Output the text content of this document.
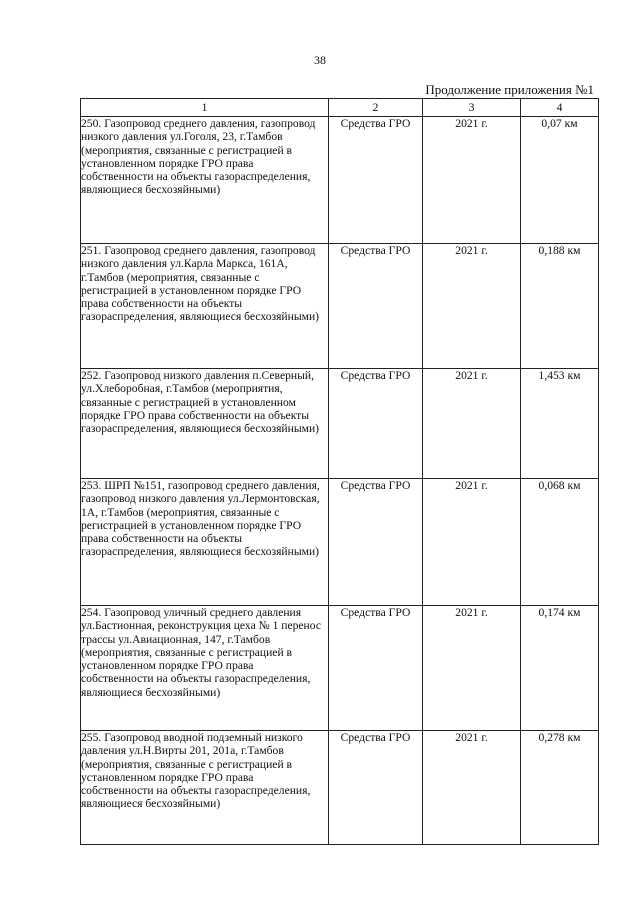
38
Продолжение приложения №1
1	2	3	4

250. Газопровод среднего давления, газопровод низкого давления ул.Гоголя, 23, г.Тамбов (мероприятия, связанные с регистрацией в установленном порядке ГРО права собственности на объекты газораспределения, являющиеся бесхозяйными)	Средства ГРО	2021 г.	0,07 км

251. Газопровод среднего давления, газопровод низкого давления ул.Карла Маркса, 161А, г.Тамбов (мероприятия, связанные с регистрацией в установленном порядке ГРО права собственности на объекты газораспределения, являющиеся бесхозяйными)	Средства ГРО	2021 г.	0,188 км

252. Газопровод низкого давления п.Северный, ул.Хлеборобная, г.Тамбов (мероприятия, связанные с регистрацией в установленном порядке ГРО права собственности на объекты газораспределения, являющиеся бесхозяйными)	Средства ГРО	2021 г.	1,453 км

253. ШРП №151, газопровод среднего давления, газопровод низкого давления ул.Лермонтовская, 1А, г.Тамбов (мероприятия, связанные с регистрацией в установленном порядке ГРО права собственности на объекты газораспределения, являющиеся бесхозяйными)	Средства ГРО	2021 г.	0,068 км

254. Газопровод уличный среднего давления ул.Бастионная, реконструкция цеха № 1 перенос трассы ул.Авиационная, 147, г.Тамбов (мероприятия, связанные с регистрацией в установленном порядке ГРО права собственности на объекты газораспределения, являющиеся бесхозяйными)	Средства ГРО	2021 г.	0,174 км

255. Газопровод вводной подземный низкого давления ул.Н.Вирты 201, 201а, г.Тамбов (мероприятия, связанные с регистрацией в установленном порядке ГРО права собственности на объекты газораспределения, являющиеся бесхозяйными)	Средства ГРО	2021 г.	0,278 км
